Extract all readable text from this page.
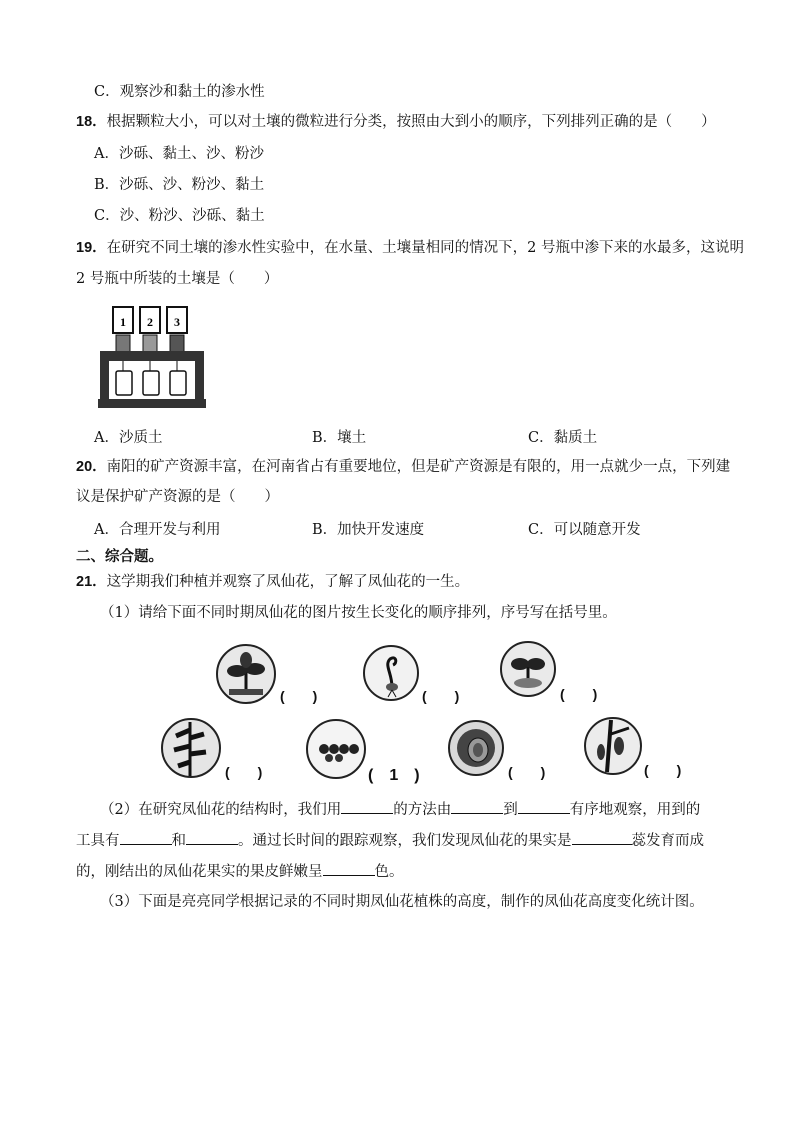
C．观察沙和黏土的渗水性
18．根据颗粒大小，可以对土壤的微粒进行分类，按照由大到小的顺序，下列排列正确的是（　　）
A．沙砾、黏土、沙、粉沙
B．沙砾、沙、粉沙、黏土
C．沙、粉沙、沙砾、黏土
19．在研究不同土壤的渗水性实验中，在水量、土壤量相同的情况下，2 号瓶中渗下来的水最多，这说明
2 号瓶中所装的土壤是（　　）
1 2 3
A．沙质土	B．壤土	C．黏质土
20．南阳的矿产资源丰富，在河南省占有重要地位，但是矿产资源是有限的，用一点就少一点，下列建
议是保护矿产资源的是（　　）
A．合理开发与利用	B．加快开发速度	C．可以随意开发
二、综合题。
21．这学期我们种植并观察了凤仙花，了解了凤仙花的一生。
（1）请给下面不同时期凤仙花的图片按生长变化的顺序排列，序号写在括号里。
(　　)	(　　)	(　　)
(　　)	(　1　)	(　　)	(　　)
（2）在研究凤仙花的结构时，我们用	的方法由	到	有序地观察，用到的
工具有	和	。通过长时间的跟踪观察，我们发现凤仙花的果实是	蕊发育而成
的，刚结出的凤仙花果实的果皮鲜嫩呈	色。
（3）下面是亮亮同学根据记录的不同时期凤仙花植株的高度，制作的凤仙花高度变化统计图。
